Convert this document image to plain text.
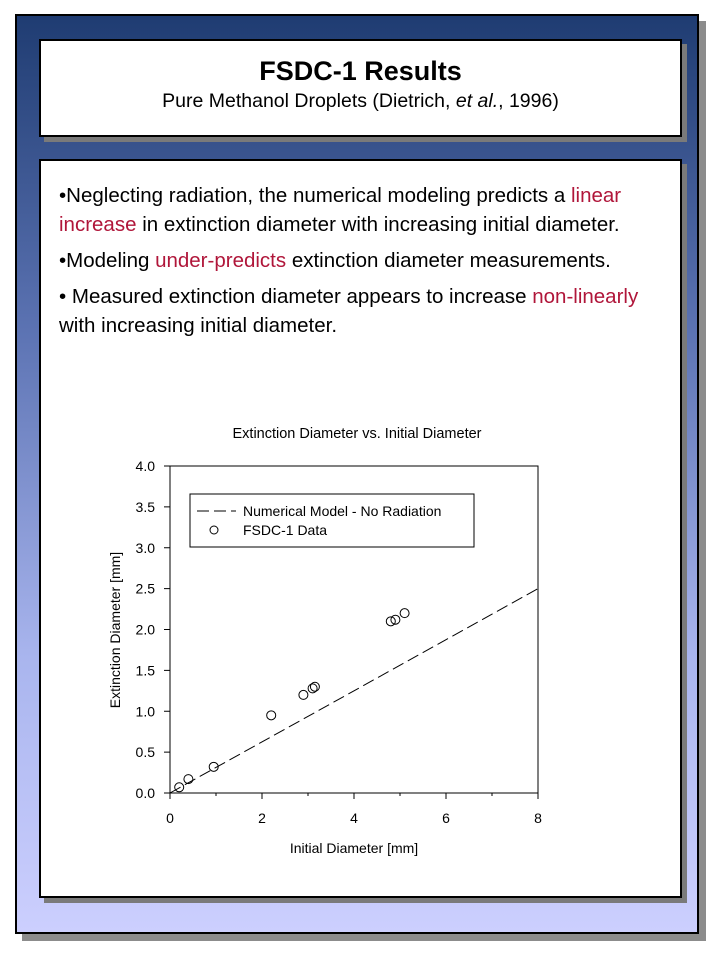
FSDC-1 Results
Pure Methanol Droplets (Dietrich, et al., 1996)

•Neglecting radiation, the numerical modeling predicts a linear increase in extinction diameter with increasing initial diameter.

•Modeling under-predicts extinction diameter measurements.

• Measured extinction diameter appears to increase non-linearly with increasing initial diameter.

Extinction Diameter vs. Initial Diameter
0	2	4	6	8
0.0
0.5
1.0
1.5
2.0
2.5
3.0
3.5
4.0
Initial Diameter [mm]
Extinction Diameter [mm]
Numerical Model - No Radiation
FSDC-1 Data
